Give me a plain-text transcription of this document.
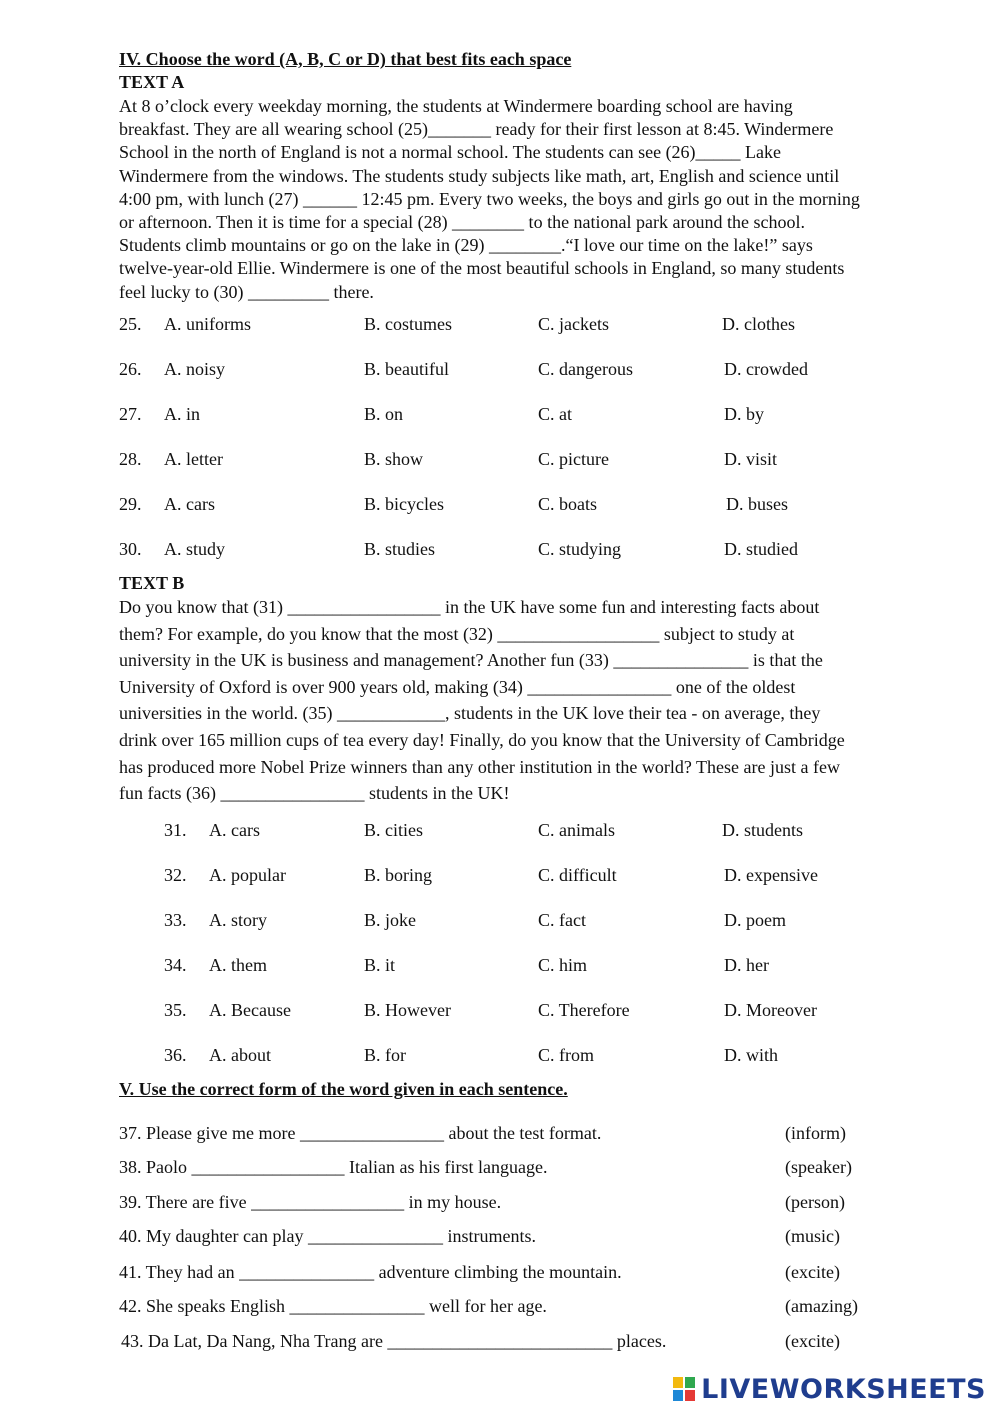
IV. Choose the word (A, B, C or D) that best fits each space
TEXT A
At 8 o’clock every weekday morning, the students at Windermere boarding school are having
breakfast. They are all wearing school (25)_______ ready for their first lesson at 8:45. Windermere
School in the north of England is not a normal school. The students can see (26)_____ Lake
Windermere from the windows. The students study subjects like math, art, English and science until
4:00 pm, with lunch (27) ______ 12:45 pm. Every two weeks, the boys and girls go out in the morning
or afternoon. Then it is time for a special (28) ________ to the national park around the school.
Students climb mountains or go on the lake in (29) ________.“I love our time on the lake!” says
twelve-year-old Ellie. Windermere is one of the most beautiful schools in England, so many students
feel lucky to (30) _________ there.
25. A. uniforms	B. costumes	C. jackets	D. clothes
26. A. noisy	B. beautiful	C. dangerous	D. crowded
27. A. in	B. on	C. at	D. by
28. A. letter	B. show	C. picture	D. visit
29. A. cars	B. bicycles	C. boats	D. buses
30. A. study	B. studies	C. studying	D. studied
TEXT B
Do you know that (31) _________________ in the UK have some fun and interesting facts about
them? For example, do you know that the most (32) __________________ subject to study at
university in the UK is business and management? Another fun (33) _______________ is that the
University of Oxford is over 900 years old, making (34) ________________ one of the oldest
universities in the world. (35) ____________, students in the UK love their tea - on average, they
drink over 165 million cups of tea every day! Finally, do you know that the University of Cambridge
has produced more Nobel Prize winners than any other institution in the world? These are just a few
fun facts (36) ________________ students in the UK!
31. A. cars	B. cities	C. animals	D. students
32. A. popular	B. boring	C. difficult	D. expensive
33. A. story	B. joke	C. fact	D. poem
34. A. them	B. it	C. him	D. her
35. A. Because	B. However	C. Therefore	D. Moreover
36. A. about	B. for	C. from	D. with
V. Use the correct form of the word given in each sentence.
37. Please give me more ________________ about the test format.	(inform)
38. Paolo _________________ Italian as his first language.	(speaker)
39. There are five _________________ in my house.	(person)
40. My daughter can play _______________ instruments.	(music)
41. They had an _______________ adventure climbing the mountain.	(excite)
42. She speaks English _______________ well for her age.	(amazing)
43. Da Lat, Da Nang, Nha Trang are _________________________ places.	(excite)
LIVEWORKSHEETS
